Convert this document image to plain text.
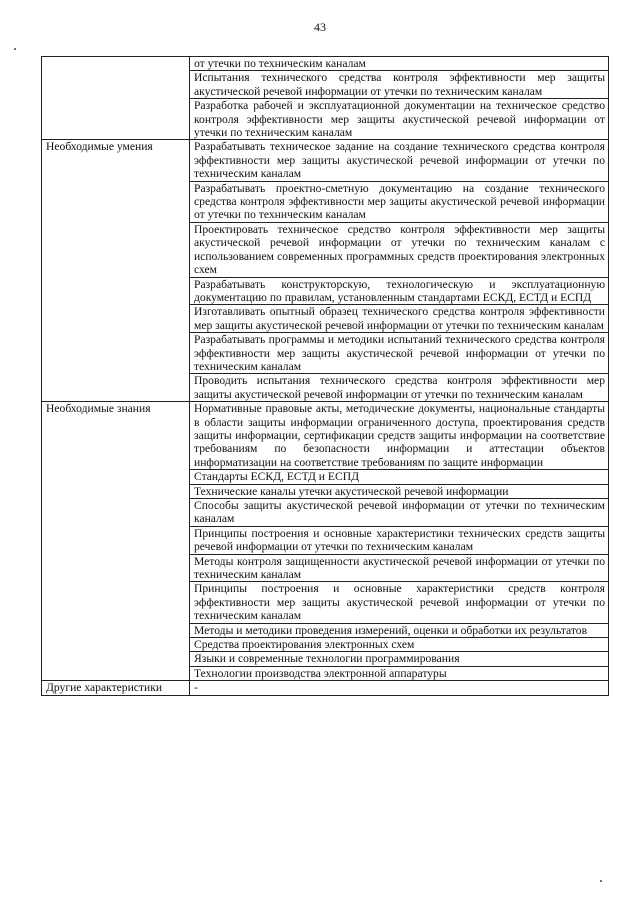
43
	от утечки по техническим каналам
	Испытания технического средства контроля эффективности мер защиты акустической речевой информации от утечки по техническим каналам
	Разработка рабочей и эксплуатационной документации на техническое средство контроля эффективности мер защиты акустической речевой информации от утечки по техническим каналам
Необходимые умения	Разрабатывать техническое задание на создание технического средства контроля эффективности мер защиты акустической речевой информации от утечки по техническим каналам
	Разрабатывать проектно-сметную документацию на создание технического средства контроля эффективности мер защиты акустической речевой информации от утечки по техническим каналам
	Проектировать техническое средство контроля эффективности мер защиты акустической речевой информации от утечки по техническим каналам с использованием современных программных средств проектирования электронных схем
	Разрабатывать конструкторскую, технологическую и эксплуатационную документацию по правилам, установленным стандартами ЕСКД, ЕСТД и ЕСПД
	Изготавливать опытный образец технического средства контроля эффективности мер защиты акустической речевой информации от утечки по техническим каналам
	Разрабатывать программы и методики испытаний технического средства контроля эффективности мер защиты акустической речевой информации от утечки по техническим каналам
	Проводить испытания технического средства контроля эффективности мер защиты акустической речевой информации от утечки по техническим каналам
Необходимые знания	Нормативные правовые акты, методические документы, национальные стандарты в области защиты информации ограниченного доступа, проектирования средств защиты информации, сертификации средств защиты информации на соответствие требованиям по безопасности информации и аттестации объектов информатизации на соответствие требованиям по защите информации
	Стандарты ЕСКД, ЕСТД и ЕСПД
	Технические каналы утечки акустической речевой информации
	Способы защиты акустической речевой информации от утечки по техническим каналам
	Принципы построения и основные характеристики технических средств защиты речевой информации от утечки по техническим каналам
	Методы контроля защищенности акустической речевой информации от утечки по техническим каналам
	Принципы построения и основные характеристики средств контроля эффективности мер защиты акустической речевой информации от утечки по техническим каналам
	Методы и методики проведения измерений, оценки и обработки их результатов
	Средства проектирования электронных схем
	Языки и современные технологии программирования
	Технологии производства электронной аппаратуры
Другие характеристики	-
